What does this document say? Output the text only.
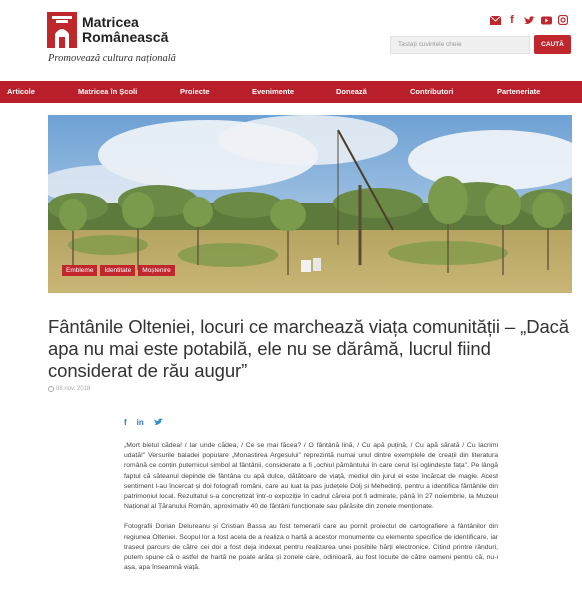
Matricea
Românească
Promovează cultura națională
f
Tastați cuvintele cheie	CAUTĂ
Articole	Matricea în Școli	Proiecte	Evenimente	Donează	Contributori	Parteneriate
Embleme	Identitate	Moștenire
Fântânile Olteniei, locuri ce marchează viața comunității – „Dacă apa nu mai este potabilă, ele nu se dărâmă, lucrul fiind considerat de rău augur”
08 nov. 2018
f in

„Mort bietul cădea! / Iar unde cădea, / Ce se mai făcea? / O fântână lină, / Cu apă puțină, / Cu apă sărată / Cu lacrimi udată!” Versurile baladei populare „Monastirea Argeșului” reprezintă numai unul dintre exemplele de creații din literatura română ce conțin puternicul simbol al fântânii, considerate a fi „ochiul pământului în care cerul își oglindește fața”. Pe lângă faptul că săteanul depinde de fântâna cu apă dulce, dătătoare de viață, mediul din jurul ei este încărcat de magie. Acest sentiment l-au încercat și doi fotografi români, care au luat la pas județele Dolj și Mehedinți, pentru a identifica fântânile din patrimoniul local. Rezultatul s-a concretizat într-o expoziție în cadrul căreia pot fi admirate, până în 27 noiembrie, la Muzeul Național al Țăranului Român, aproximativ 40 de fântâni funcționale sau părăsite din zonele menționate.

Fotografii Dorian Delureanu și Cristian Bassa au fost temerarii care au pornit proiectul de cartografiere a fântânilor din regiunea Olteniei. Scopul lor a fost acela de a realiza o hartă a acestor monumente cu elemente specifice de identificare, iar traseul parcurs de către cei doi a fost deja indexat pentru realizarea unei posibile hărți electronice. Citind printre rânduri, putem spune că o astfel de hartă ne poate arăta și zonele care, odinioară, au fost locuite de către oameni pentru că, nu-i așa, apa înseamnă viață.
